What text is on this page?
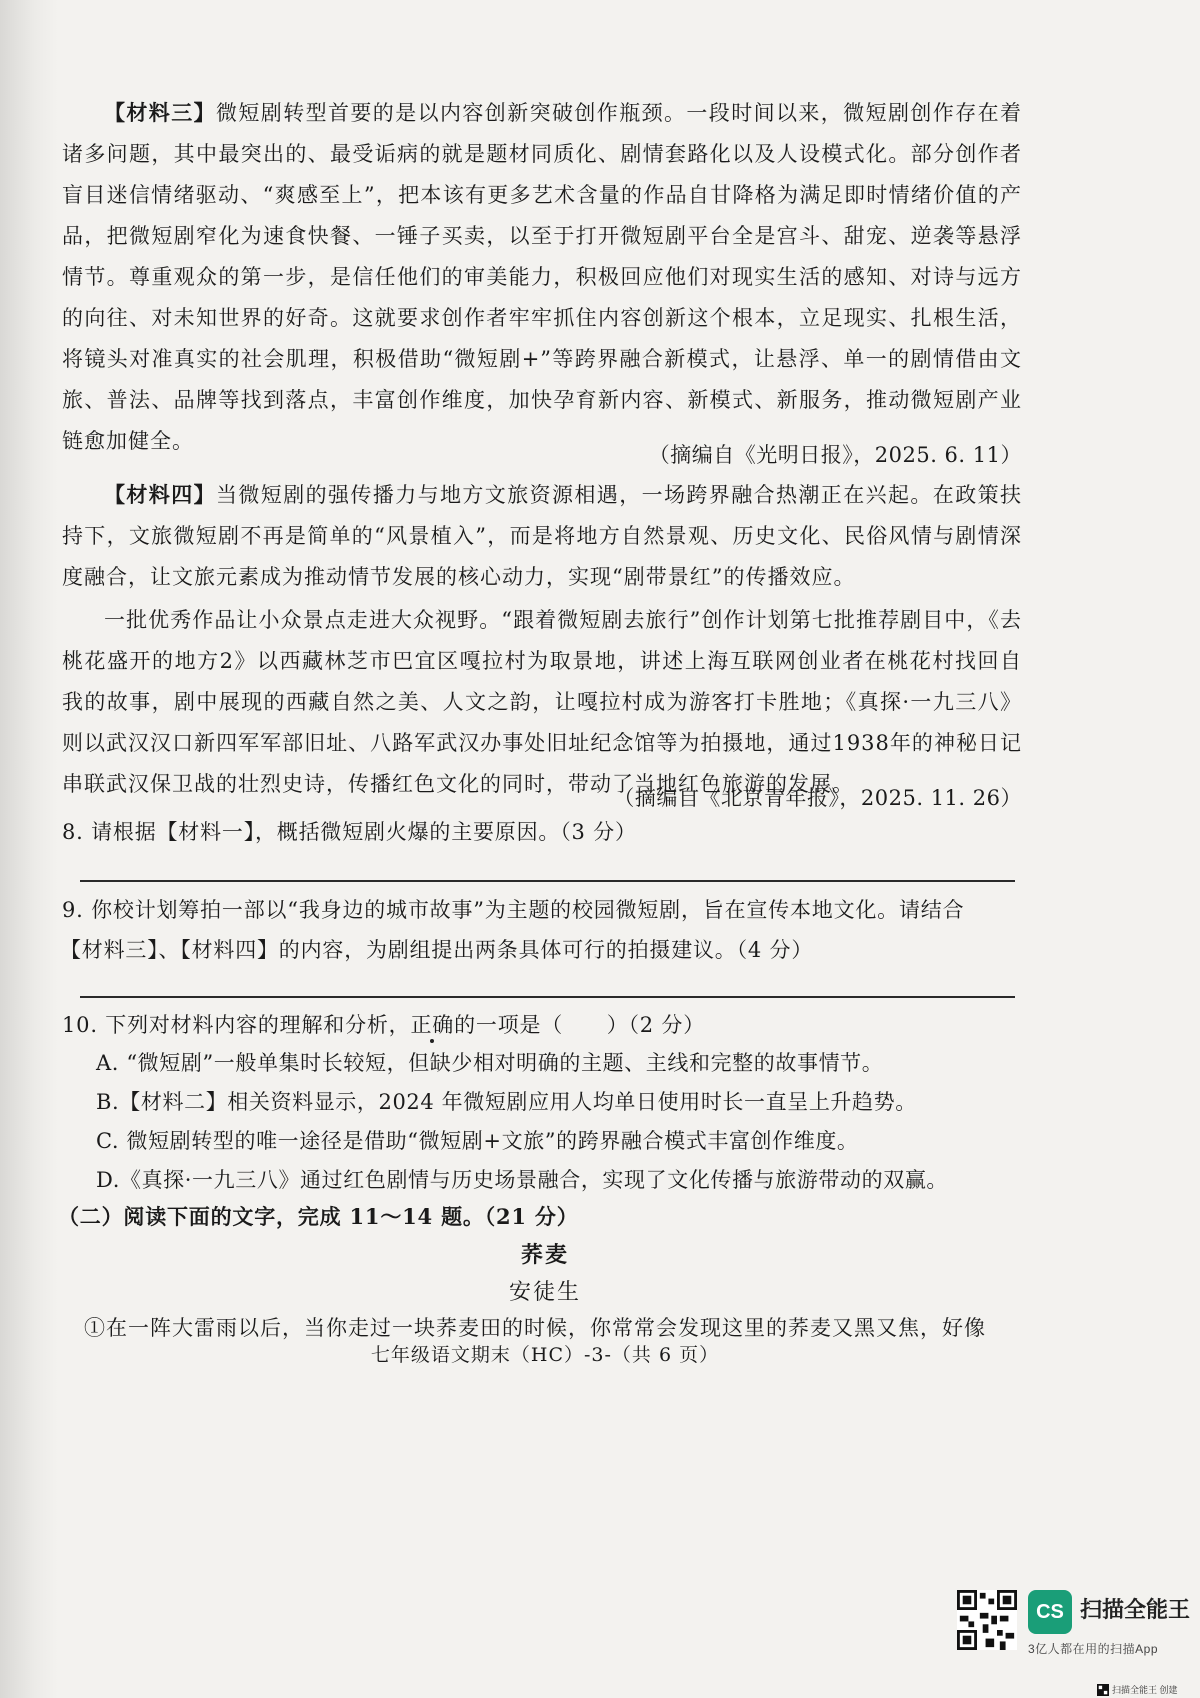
【材料三】微短剧转型首要的是以内容创新突破创作瓶颈。一段时间以来，微短剧创作存在着诸多问题，其中最突出的、最受诟病的就是题材同质化、剧情套路化以及人设模式化。部分创作者盲目迷信情绪驱动、“爽感至上”，把本该有更多艺术含量的作品自甘降格为满足即时情绪价值的产品，把微短剧窄化为速食快餐、一锤子买卖，以至于打开微短剧平台全是宫斗、甜宠、逆袭等悬浮情节。尊重观众的第一步，是信任他们的审美能力，积极回应他们对现实生活的感知、对诗与远方的向往、对未知世界的好奇。这就要求创作者牢牢抓住内容创新这个根本，立足现实、扎根生活，将镜头对准真实的社会肌理，积极借助“微短剧+”等跨界融合新模式，让悬浮、单一的剧情借由文旅、普法、品牌等找到落点，丰富创作维度，加快孕育新内容、新模式、新服务，推动微短剧产业链愈加健全。
（摘编自《光明日报》，2025. 6. 11）
【材料四】当微短剧的强传播力与地方文旅资源相遇，一场跨界融合热潮正在兴起。在政策扶持下，文旅微短剧不再是简单的“风景植入”，而是将地方自然景观、历史文化、民俗风情与剧情深度融合，让文旅元素成为推动情节发展的核心动力，实现“剧带景红”的传播效应。
一批优秀作品让小众景点走进大众视野。“跟着微短剧去旅行”创作计划第七批推荐剧目中，《去桃花盛开的地方2》以西藏林芝市巴宜区嘎拉村为取景地，讲述上海互联网创业者在桃花村找回自我的故事，剧中展现的西藏自然之美、人文之韵，让嘎拉村成为游客打卡胜地；《真探·一九三八》则以武汉汉口新四军军部旧址、八路军武汉办事处旧址纪念馆等为拍摄地，通过1938年的神秘日记串联武汉保卫战的壮烈史诗，传播红色文化的同时，带动了当地红色旅游的发展。
（摘编自《北京青年报》，2025. 11. 26）
8. 请根据【材料一】，概括微短剧火爆的主要原因。（3 分）
9. 你校计划筹拍一部以“我身边的城市故事”为主题的校园微短剧，旨在宣传本地文化。请结合
【材料三】、【材料四】的内容，为剧组提出两条具体可行的拍摄建议。（4 分）
10. 下列对材料内容的理解和分析，正确的一项是（　　）（2 分）
A. “微短剧”一般单集时长较短，但缺少相对明确的主题、主线和完整的故事情节。
B.【材料二】相关资料显示，2024 年微短剧应用人均单日使用时长一直呈上升趋势。
C. 微短剧转型的唯一途径是借助“微短剧+文旅”的跨界融合模式丰富创作维度。
D.《真探·一九三八》通过红色剧情与历史场景融合，实现了文化传播与旅游带动的双赢。
（二）阅读下面的文字，完成 11～14 题。（21 分）
荞麦
安徒生
①在一阵大雷雨以后，当你走过一块荞麦田的时候，你常常会发现这里的荞麦又黑又焦，好像
七年级语文期末（HC）-3-（共 6 页）
CS 扫描全能王
3亿人都在用的扫描App
扫描全能王 创建
